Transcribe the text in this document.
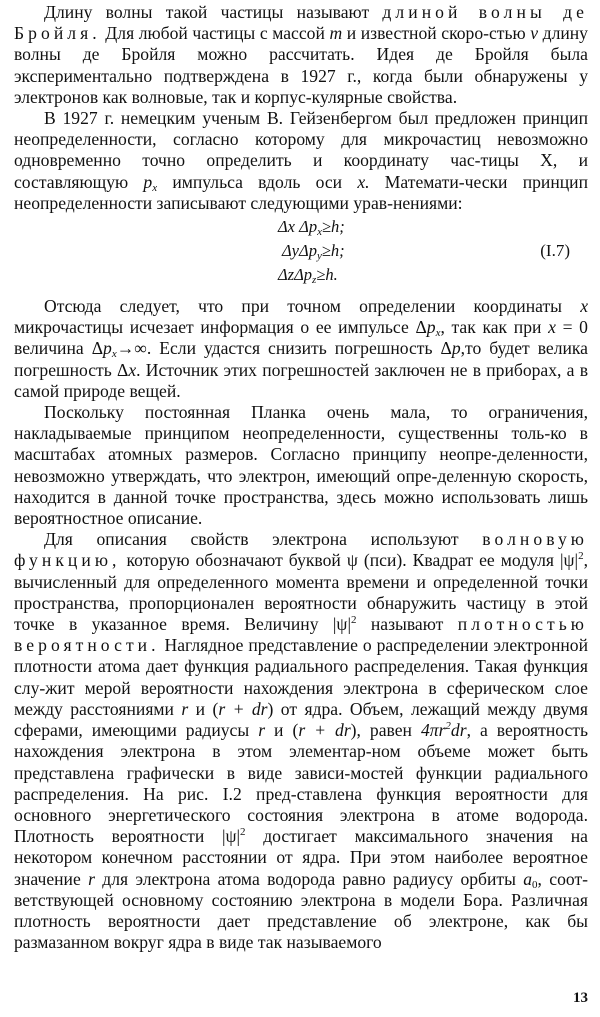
Длину волны такой частицы называют длиной волны де Бройля. Для любой частицы с массой m и известной скоро-стью v длину волны де Бройля можно рассчитать. Идея де Бройля была экспериментально подтверждена в 1927 г., когда были обнаружены у электронов как волновые, так и корпус-кулярные свойства.

В 1927 г. немецким ученым В. Гейзенбергом был предложен принцип неопределенности, согласно которому для микрочастиц невозможно одновременно точно определить и координату час-тицы X, и составляющую $p_x$ импульса вдоль оси x. Математи-чески принцип неопределенности записывают следующими урав-нениями:

Δx $\Delta p_x\ge h$;
ΔyΔp$_y$≥h;
ΔzΔp$_z$≥h.
(I.7)

Отсюда следует, что при точном определении координаты x микрочастицы исчезает информация о ее импульсе $\Delta p_x$, так как при x = 0 величина $\Delta p_x\to\infty$. Если удастся снизить погрешность Δp,то будет велика погрешность Δx. Источник этих погрешностей заключен не в приборах, а в самой природе вещей.

Поскольку постоянная Планка очень мала, то ограничения, накладываемые принципом неопределенности, существенны толь-ко в масштабах атомных размеров. Согласно принципу неопре-деленности, невозможно утверждать, что электрон, имеющий опре-деленную скорость, находится в данной точке пространства, здесь можно использовать лишь вероятностное описание.

Для описания свойств электрона используют волновую функцию, которую обозначают буквой ψ (пси). Квадрат ее модуля $|\psi|^2$, вычисленный для определенного момента времени и определенной точки пространства, пропорционален вероятности обнаружить частицу в этой точке в указанное время. Величину $|\psi|^2$ называют плотностью вероятности. Наглядное представление о распределении электронной плотности атома дает функция радиального распределения. Такая функция слу-жит мерой вероятности нахождения электрона в сферическом слое между расстояниями r и (r + dr) от ядра. Объем, лежащий между двумя сферами, имеющими радиусы r и (r + dr), равен $4\pi r^2dr$, а вероятность нахождения электрона в этом элементар-ном объеме может быть представлена графически в виде зависи-мостей функции радиального распределения. На рис. I.2 пред-ставлена функция вероятности для основного энергетического состояния электрона в атоме водорода. Плотность вероятности $|\psi|^2$ достигает максимального значения на некотором конечном расстоянии от ядра. При этом наиболее вероятное значение r для электрона атома водорода равно радиусу орбиты $a_0$, соот-ветствующей основному состоянию электрона в модели Бора. Различная плотность вероятности дает представление об электроне, как бы размазанном вокруг ядра в виде так называемого

13
